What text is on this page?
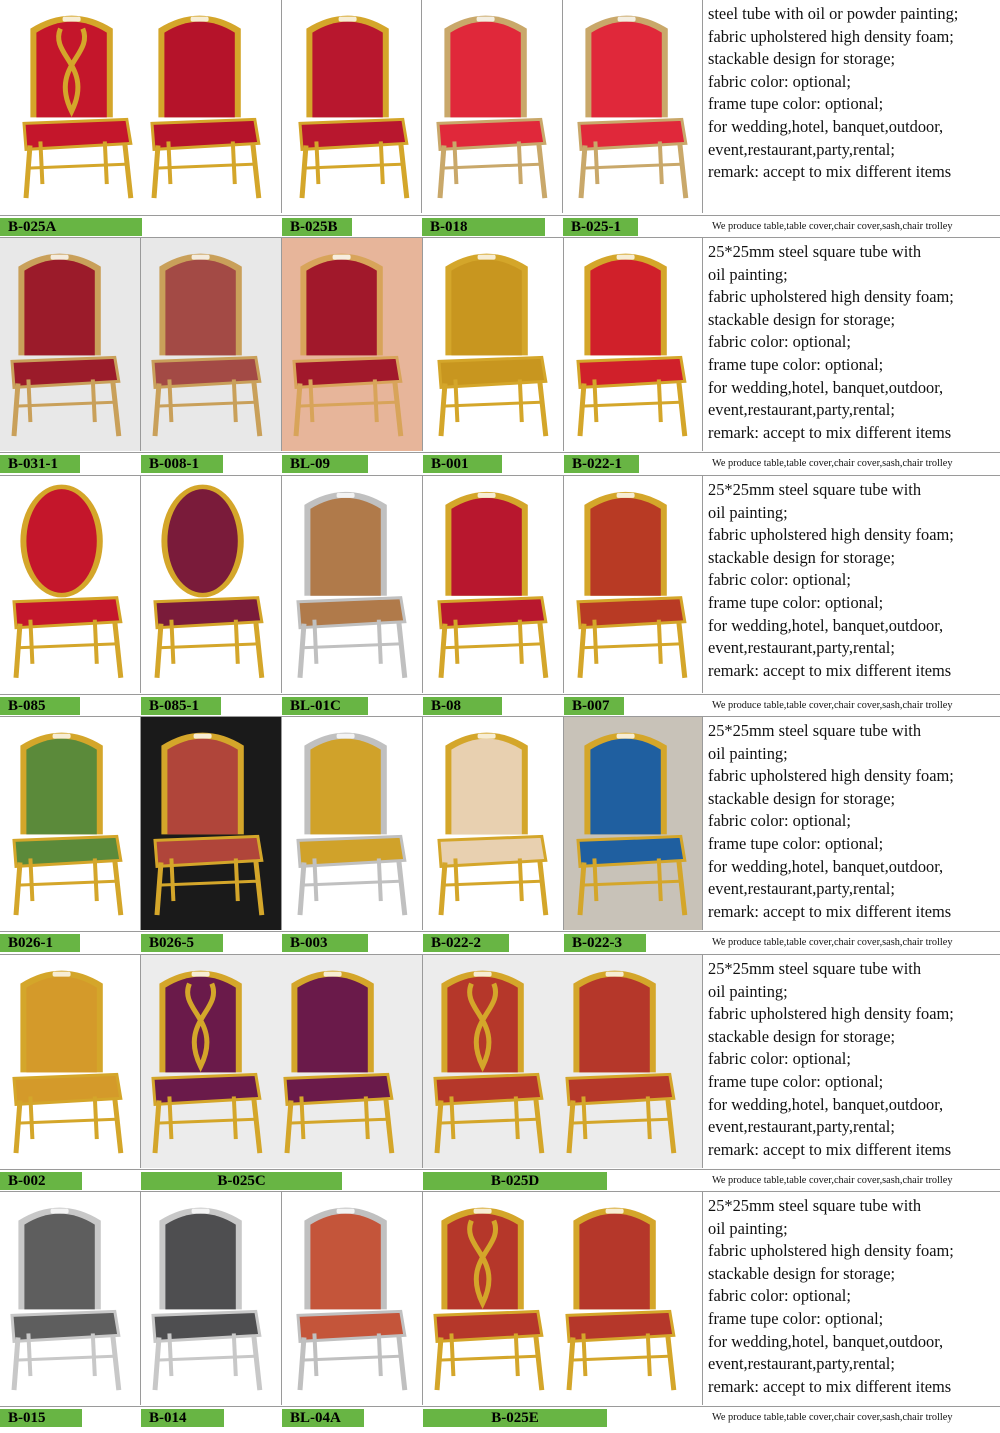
steel tube with oil or powder painting;
fabric upholstered high density foam;
stackable design for storage;
fabric color: optional;
frame tupe color: optional;
for wedding,hotel, banquet,outdoor,
event,restaurant,party,rental;
remark: accept to mix different items
B-025A	B-025B	B-018	B-025-1	We produce table,table cover,chair cover,sash,chair trolley
25*25mm steel square tube with
oil painting;
fabric upholstered high density foam;
stackable design for storage;
fabric color: optional;
frame tupe color: optional;
for wedding,hotel, banquet,outdoor,
event,restaurant,party,rental;
remark: accept to mix different items
B-031-1	B-008-1	BL-09	B-001	B-022-1	We produce table,table cover,chair cover,sash,chair trolley
25*25mm steel square tube with
oil painting;
fabric upholstered high density foam;
stackable design for storage;
fabric color: optional;
frame tupe color: optional;
for wedding,hotel, banquet,outdoor,
event,restaurant,party,rental;
remark: accept to mix different items
B-085	B-085-1	BL-01C	B-08	B-007	We produce table,table cover,chair cover,sash,chair trolley
25*25mm steel square tube with
oil painting;
fabric upholstered high density foam;
stackable design for storage;
fabric color: optional;
frame tupe color: optional;
for wedding,hotel, banquet,outdoor,
event,restaurant,party,rental;
remark: accept to mix different items
B026-1	B026-5	B-003	B-022-2	B-022-3	We produce table,table cover,chair cover,sash,chair trolley
25*25mm steel square tube with
oil painting;
fabric upholstered high density foam;
stackable design for storage;
fabric color: optional;
frame tupe color: optional;
for wedding,hotel, banquet,outdoor,
event,restaurant,party,rental;
remark: accept to mix different items
B-002	B-025C	B-025D	We produce table,table cover,chair cover,sash,chair trolley
25*25mm steel square tube with
oil painting;
fabric upholstered high density foam;
stackable design for storage;
fabric color: optional;
frame tupe color: optional;
for wedding,hotel, banquet,outdoor,
event,restaurant,party,rental;
remark: accept to mix different items
B-015	B-014	BL-04A	B-025E	We produce table,table cover,chair cover,sash,chair trolley
